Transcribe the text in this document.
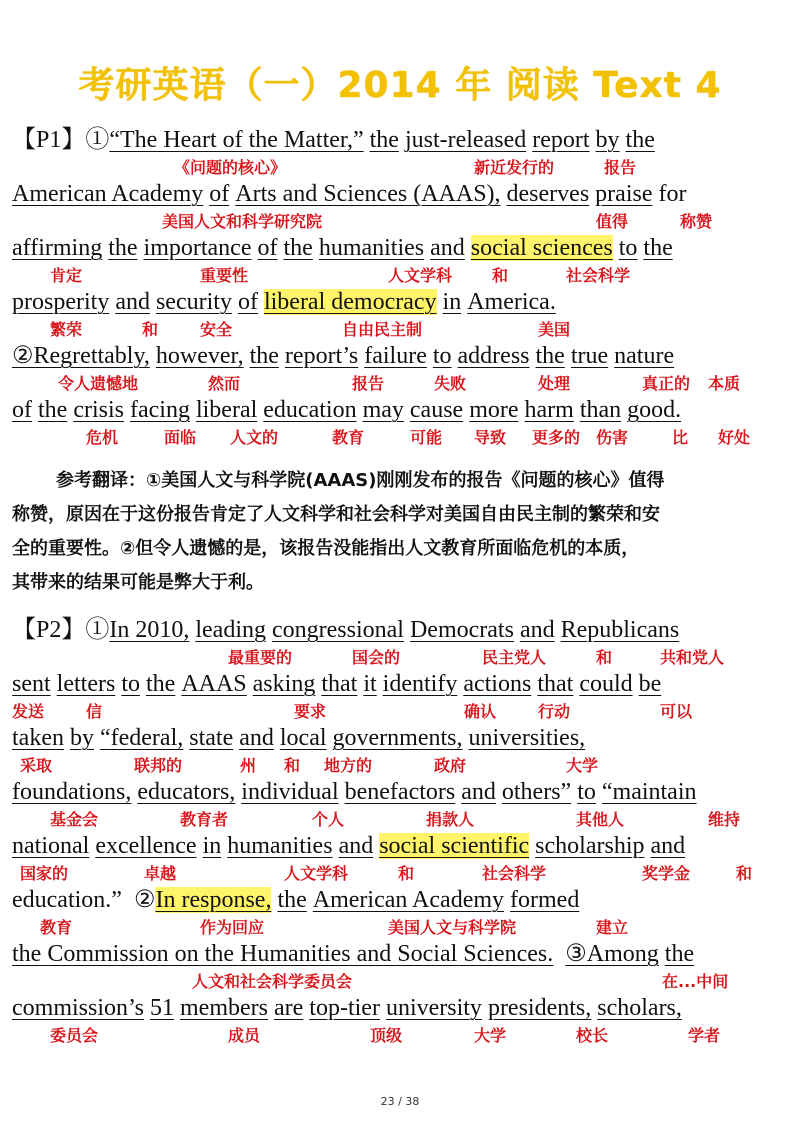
考研英语（一）2014 年 阅读 Text 4
【P1】①“The Heart of the Matter,” the just-released report by the
《问题的核心》	新近发行的	报告
American Academy of Arts and Sciences (AAAS), deserves praise for
美国人文和科学研究院	值得	称赞
affirming the importance of the humanities and social sciences to the
肯定	重要性	人文学科 和	社会科学
prosperity and security of liberal democracy in America.
繁荣	和	安全	自由民主制	美国
②Regrettably, however, the report’s failure to address the true nature
令人遗憾地	然而	报告	失败	处理	真正的 本质
of the crisis facing liberal education may cause more harm than good.
危机	面临 人文的	教育	可能 导致 更多的 伤害	比 好处
参考翻译：①美国人文与科学院(AAAS)刚刚发布的报告《问题的核心》值得
称赞，原因在于这份报告肯定了人文科学和社会科学对美国自由民主制的繁荣和安
全的重要性。②但令人遗憾的是，该报告没能指出人文教育所面临危机的本质，
其带来的结果可能是弊大于利。
【P2】①In 2010, leading congressional Democrats and Republicans
最重要的	国会的	民主党人	和	共和党人
sent letters to the AAAS asking that it identify actions that could be
发送	信	要求	确认	行动	可以
taken by “federal, state and local governments, universities,
采取	联邦的	州 和 地方的	政府	大学
foundations, educators, individual benefactors and others” to “maintain
基金会	教育者	个人	捐款人	其他人	维持
national excellence in humanities and social scientific scholarship and
国家的	卓越	人文学科	和	社会科学	奖学金	和
education.” ②In response, the American Academy formed
教育	作为回应	美国人文与科学院	建立
the Commission on the Humanities and Social Sciences. ③Among the
人文和社会科学委员会	在...中间
commission’s 51 members are top-tier university presidents, scholars,
委员会	成员	顶级	大学	校长	学者
23 / 38
